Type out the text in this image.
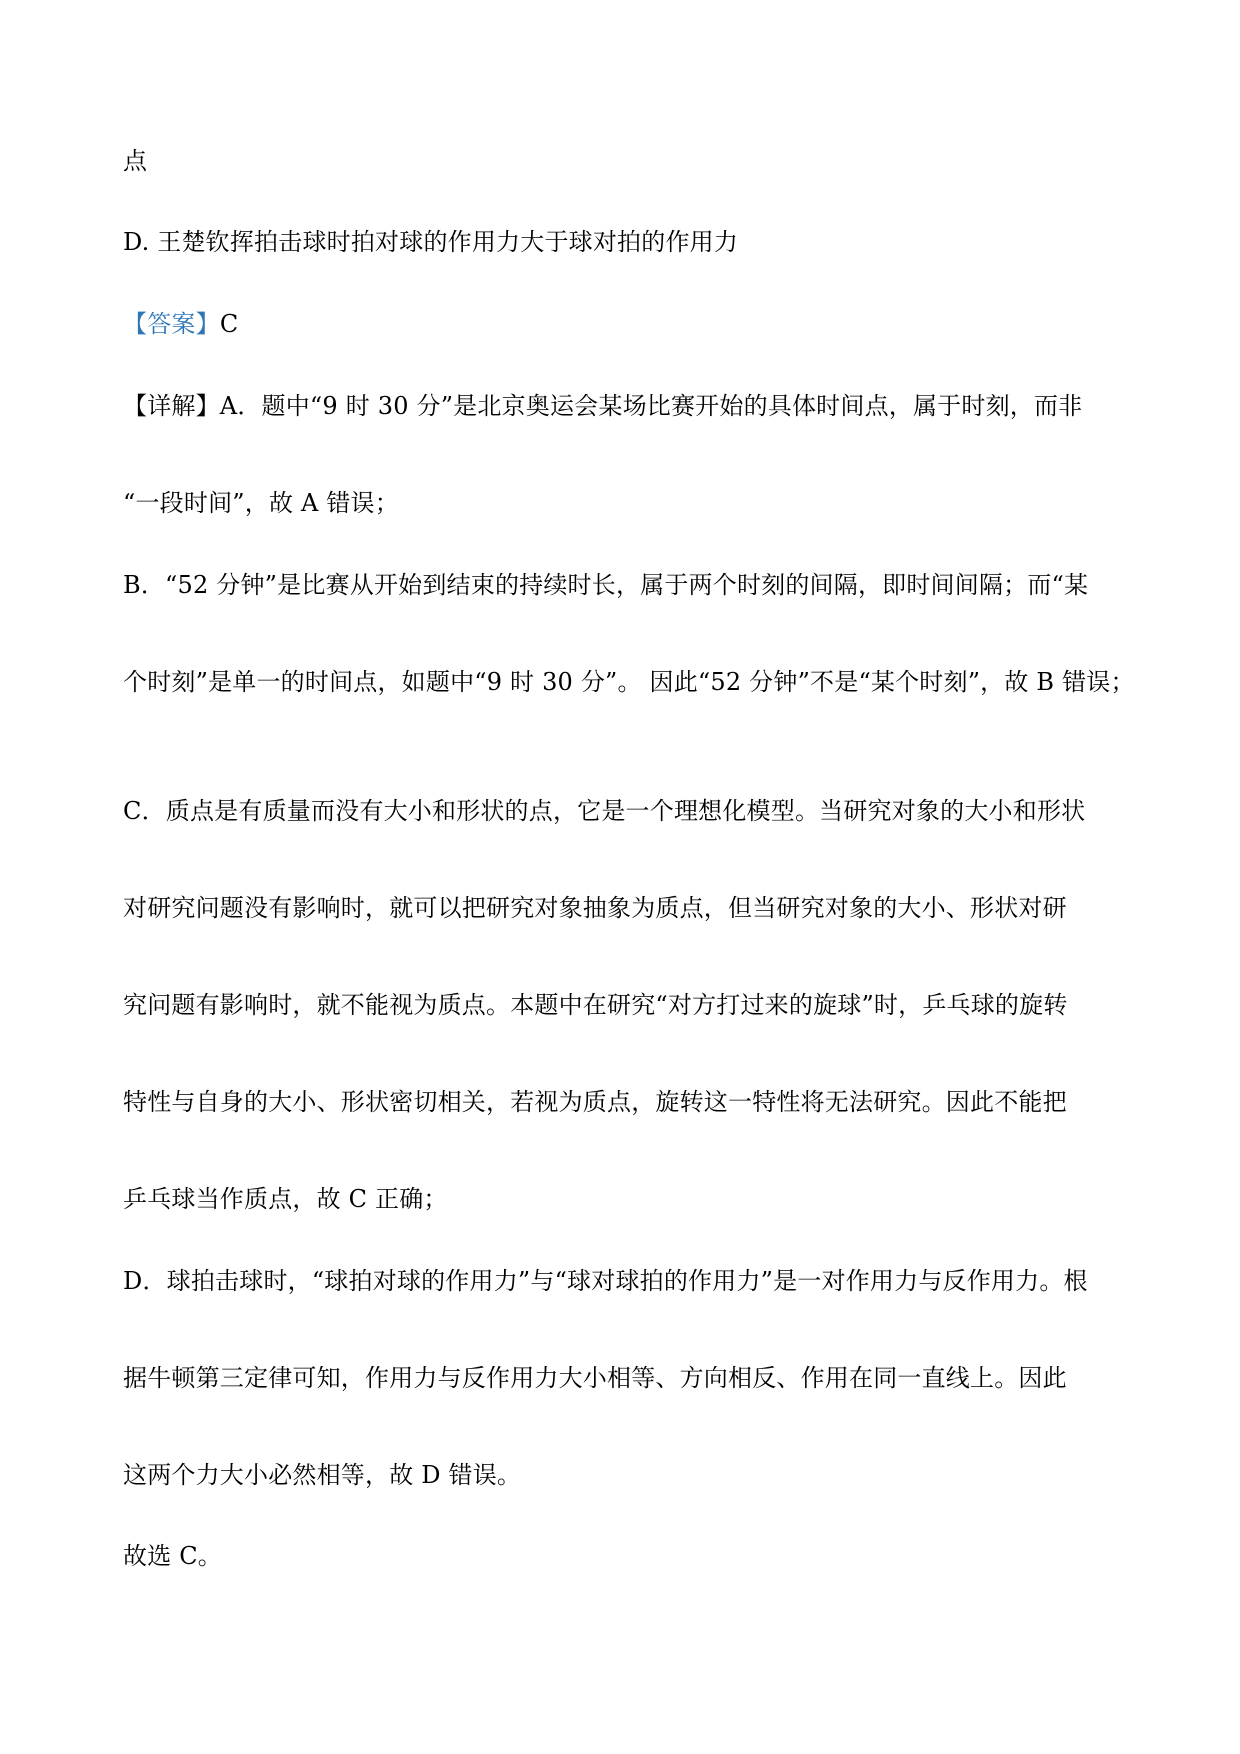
点
D. 王楚钦挥拍击球时拍对球的作用力大于球对拍的作用力
【答案】C
【详解】A．题中“9 时 30 分”是北京奥运会某场比赛开始的具体时间点，属于时刻，而非
“一段时间”，故 A 错误；
B．“52 分钟”是比赛从开始到结束的持续时长，属于两个时刻的间隔，即时间间隔；而“某
个时刻”是单一的时间点，如题中“9 时 30 分”。 因此“52 分钟”不是“某个时刻”，故 B 错误；
C．质点是有质量而没有大小和形状的点，它是一个理想化模型。当研究对象的大小和形状
对研究问题没有影响时，就可以把研究对象抽象为质点，但当研究对象的大小、形状对研
究问题有影响时，就不能视为质点。本题中在研究“对方打过来的旋球”时，乒乓球的旋转
特性与自身的大小、形状密切相关，若视为质点，旋转这一特性将无法研究。因此不能把
乒乓球当作质点，故 C 正确；
D．球拍击球时，“球拍对球的作用力”与“球对球拍的作用力”是一对作用力与反作用力。根
据牛顿第三定律可知，作用力与反作用力大小相等、方向相反、作用在同一直线上。因此
这两个力大小必然相等，故 D 错误。
故选 C。
